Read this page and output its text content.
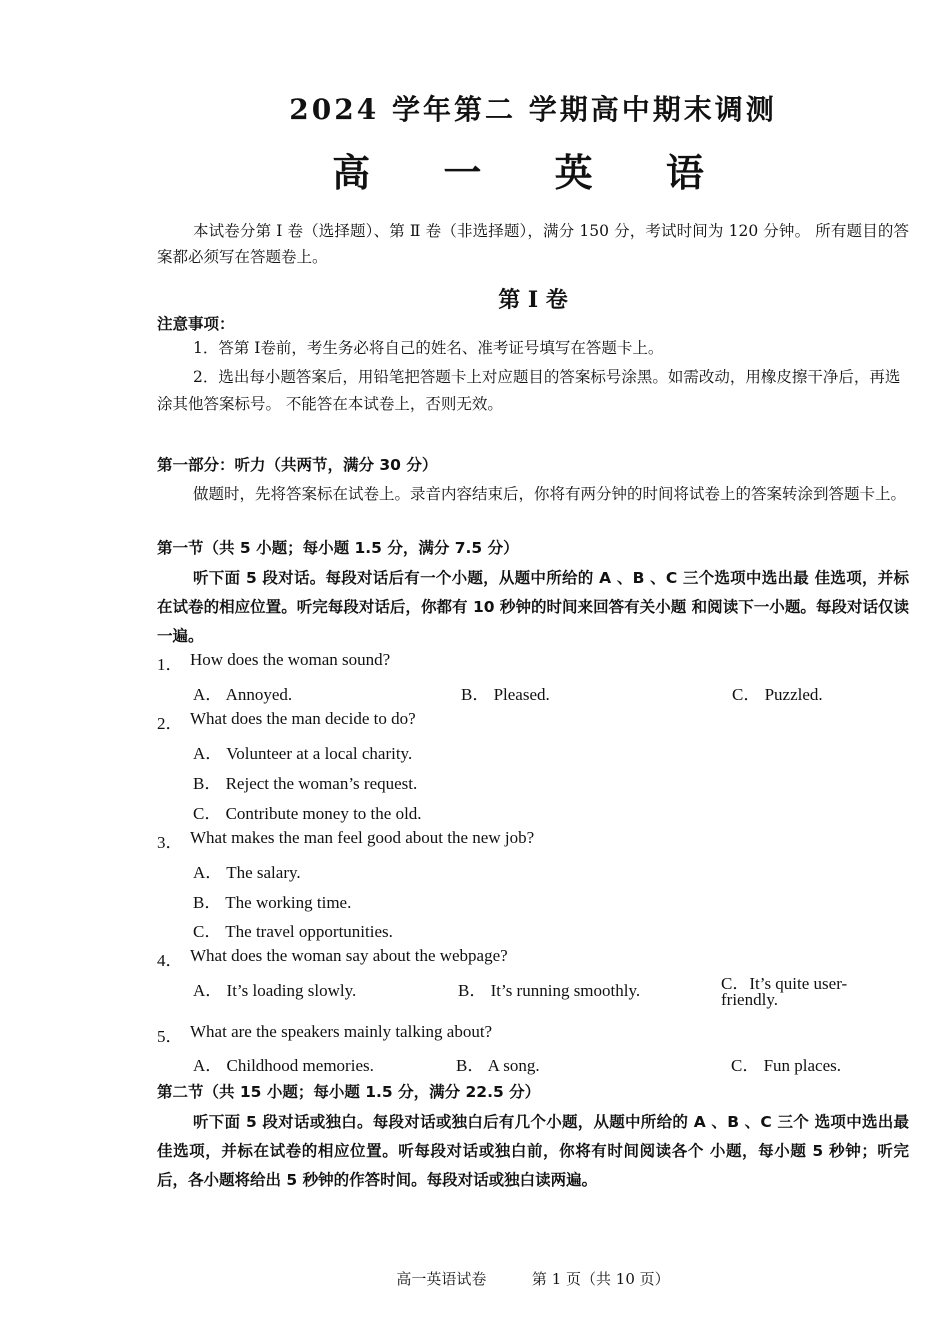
2024 学年第二 学期高中期末调测
高 一 英 语
本试卷分第 I 卷（选择题）、第 Ⅱ 卷（非选择题），满分 150 分，考试时间为 120 分钟。 所有题目的答案都必须写在答题卷上。
第 I 卷
注意事项：
1．答第 Ⅰ卷前，考生务必将自己的姓名、准考证号填写在答题卡上。
2．选出每小题答案后，用铅笔把答题卡上对应题目的答案标号涂黑。如需改动，用橡皮擦干净后，再选涂其他答案标号。 不能答在本试卷上，否则无效。
第一部分：听力（共两节，满分 30 分）
做题时，先将答案标在试卷上。录音内容结束后，你将有两分钟的时间将试卷上的答案转涂到答题卡上。
第一节（共 5 小题；每小题 1.5 分，满分 7.5 分）
听下面 5 段对话。每段对话后有一个小题，从题中所给的 A 、B 、C 三个选项中选出最 佳选项，并标在试卷的相应位置。听完每段对话后，你都有 10 秒钟的时间来回答有关小题 和阅读下一小题。每段对话仅读一遍。
1． How does the woman sound?
A． Annoyed.	B． Pleased.	C． Puzzled.
2． What does the man decide to do?
A． Volunteer at a local charity.
B． Reject the woman’s request.
C． Contribute money to the old.
3． What makes the man feel good about the new job?
A． The salary.
B． The working time.
C． The travel opportunities.
4． What does the woman say about the webpage?
A． It’s loading slowly.	B． It’s running smoothly.	C．It’s quite user-friendly.
5． What are the speakers mainly talking about?
A． Childhood memories.	B． A song.	C． Fun places.
第二节（共 15 小题；每小题 1.5 分，满分 22.5 分）
听下面 5 段对话或独白。每段对话或独白后有几个小题，从题中所给的 A 、B 、C 三个 选项中选出最佳选项，并标在试卷的相应位置。听每段对话或独白前，你将有时间阅读各个 小题，每小题 5 秒钟；听完后，各小题将给出 5 秒钟的作答时间。每段对话或独白读两遍。
高一英语试卷	第 1 页（共 10 页）
